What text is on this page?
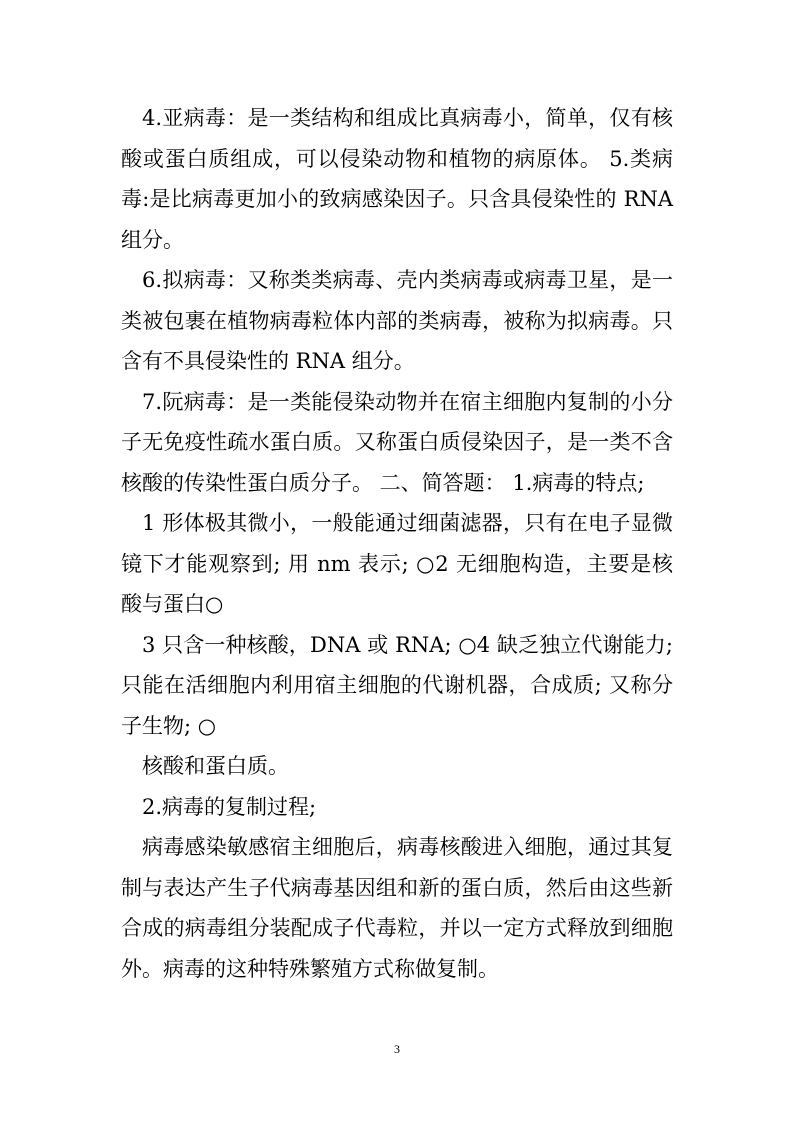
4.亚病毒：是一类结构和组成比真病毒小，简单，仅有核酸或蛋白质组成，可以侵染动物和植物的病原体。 5.类病毒:是比病毒更加小的致病感染因子。只含具侵染性的 RNA 组分。

6.拟病毒：又称类类病毒、壳内类病毒或病毒卫星，是一类被包裹在植物病毒粒体内部的类病毒，被称为拟病毒。只含有不具侵染性的 RNA 组分。

7.阮病毒：是一类能侵染动物并在宿主细胞内复制的小分子无免疫性疏水蛋白质。又称蛋白质侵染因子，是一类不含核酸的传染性蛋白质分子。 二、简答题： 1.病毒的特点;

1 形体极其微小，一般能通过细菌滤器，只有在电子显微镜下才能观察到; 用 nm 表示; ○2 无细胞构造，主要是核酸与蛋白○

3 只含一种核酸，DNA 或 RNA; ○4 缺乏独立代谢能力; 只能在活细胞内利用宿主细胞的代谢机器，合成质; 又称分子生物; ○

核酸和蛋白质。

2.病毒的复制过程;

病毒感染敏感宿主细胞后，病毒核酸进入细胞，通过其复制与表达产生子代病毒基因组和新的蛋白质，然后由这些新合成的病毒组分装配成子代毒粒，并以一定方式释放到细胞外。病毒的这种特殊繁殖方式称做复制。

3
